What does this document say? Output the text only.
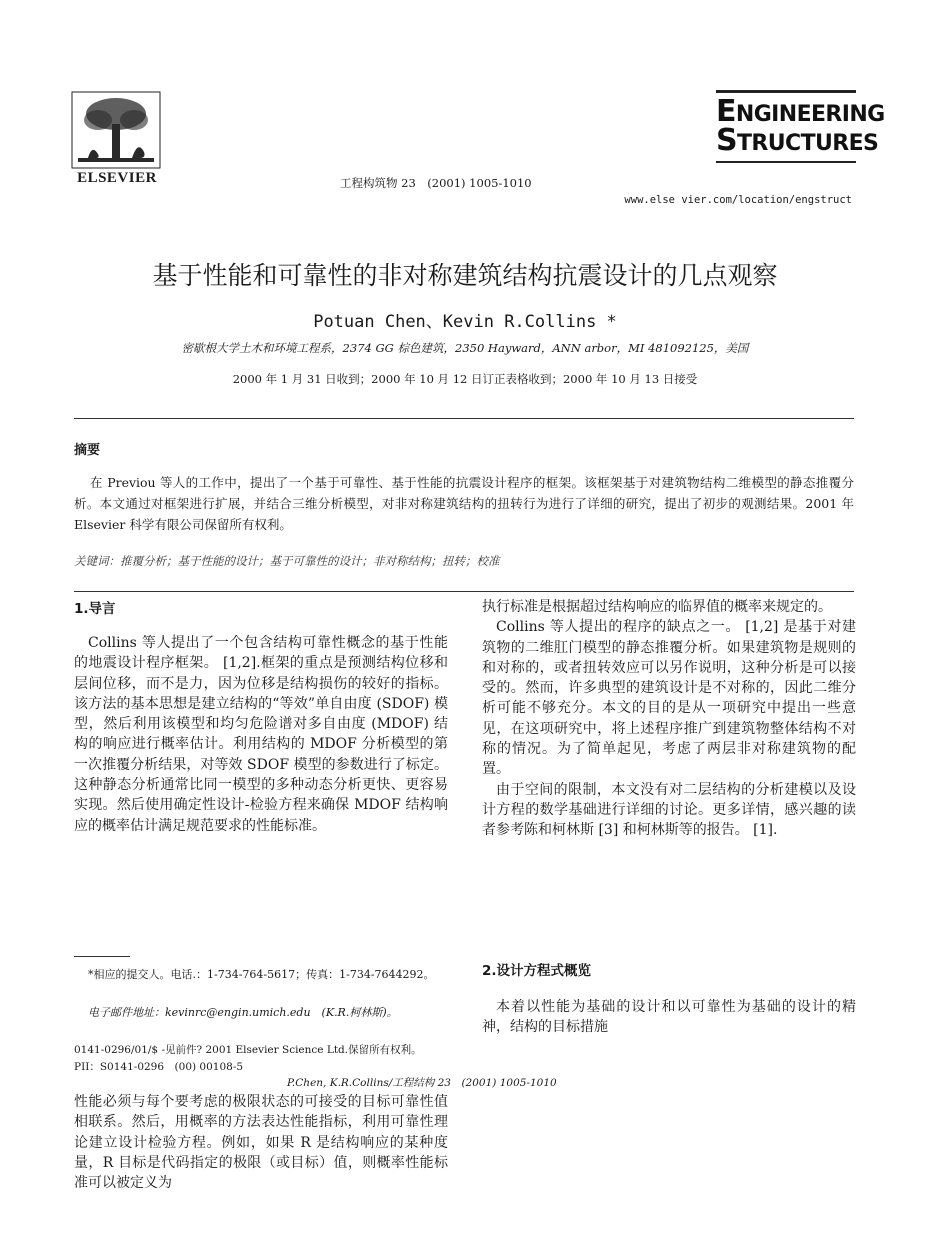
ELSEVIER	工程构筑物 23　(2001) 1005-1010
ENGINEERING
STRUCTURES
www.else vier.com/location/engstruct
基于性能和可靠性的非对称建筑结构抗震设计的几点观察
Potuan Chen、Kevin R.Collins *
密歇根大学土木和环境工程系，2374 GG 棕色建筑，2350 Hayward，ANN arbor，MI 481092125，美国
2000 年 1 月 31 日收到；2000 年 10 月 12 日订正表格收到；2000 年 10 月 13 日接受
摘要
在 Previou 等人的工作中，提出了一个基于可靠性、基于性能的抗震设计程序的框架。该框架基于对建筑物结构二维模型的静态推覆分析。本文通过对框架进行扩展，并结合三维分析模型，对非对称建筑结构的扭转行为进行了详细的研究，提出了初步的观测结果。2001 年 Elsevier 科学有限公司保留所有权利。
关键词：推覆分析；基于性能的设计；基于可靠性的设计；非对称结构；扭转；校准
1.导言

Collins 等人提出了一个包含结构可靠性概念的基于性能的地震设计程序框架。 [1,2].框架的重点是预测结构位移和层间位移，而不是力，因为位移是结构损伤的较好的指标。该方法的基本思想是建立结构的“等效”单自由度 (SDOF) 模型，然后利用该模型和均匀危险谱对多自由度 (MDOF) 结构的响应进行概率估计。利用结构的 MDOF 分析模型的第一次推覆分析结果，对等效 SDOF 模型的参数进行了标定。这种静态分析通常比同一模型的多种动态分析更快、更容易实现。然后使用确定性设计-检验方程来确保 MDOF 结构响应的概率估计满足规范要求的性能标准。

执行标准是根据超过结构响应的临界值的概率来规定的。

Collins 等人提出的程序的缺点之一。 [1,2] 是基于对建筑物的二维肛门模型的静态推覆分析。如果建筑物是规则的和对称的，或者扭转效应可以另作说明，这种分析是可以接受的。然而，许多典型的建筑设计是不对称的，因此二维分析可能不够充分。本文的目的是从一项研究中提出一些意见，在这项研究中，将上述程序推广到建筑物整体结构不对称的情况。为了简单起见，考虑了两层非对称建筑物的配置。

由于空间的限制，本文没有对二层结构的分析建模以及设计方程的数学基础进行详细的讨论。更多详情，感兴趣的读者参考陈和柯林斯 [3] 和柯林斯等的报告。 [1].

2.设计方程式概览

本着以性能为基础的设计和以可靠性为基础的设计的精神，结构的目标措施

*相应的提交人。电话.：1-734-764-5617；传真：1-734-7644292。
电子邮件地址：kevinrc@engin.umich.edu　(K.R.柯林斯)。
0141-0296/01/$ -见前件? 2001 Elsevier Science Ltd.保留所有权利。
PII：S0141-0296　(00) 00108-5
P.Chen, K.R.Collins/工程结构 23　(2001) 1005-1010

性能必须与每个要考虑的极限状态的可接受的目标可靠性值相联系。然后，用概率的方法表达性能指标，利用可靠性理论建立设计检验方程。例如，如果 R 是结构响应的某种度量，R 目标是代码指定的极限（或目标）值，则概率性能标准可以被定义为
